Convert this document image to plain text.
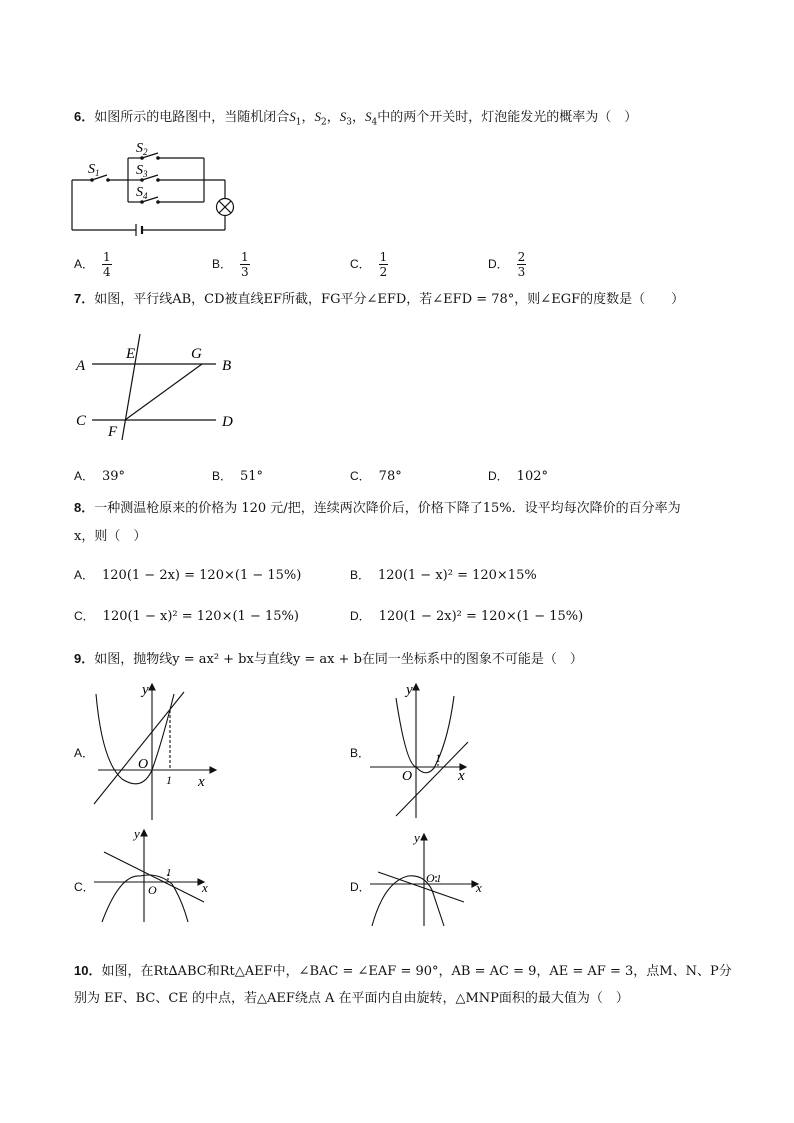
6．如图所示的电路图中，当随机闭合$S_1$，$S_2$，$S_3$，$S_4$中的两个开关时，灯泡能发光的概率为（　）
$S_1$
$S_2$
$S_3$
$S_4$
A． $\frac{1}{4}$	B． $\frac{1}{3}$	C． $\frac{1}{2}$	D． $\frac{2}{3}$
7．如图，平行线AB，CD被直线EF所截，FG平分∠EFD，若∠EFD = 78°，则∠EGF的度数是（　　）
A
E	G
B
C
F
D
A． 39°	B． 51°	C． 78°	D． 102°
8．一种测温枪原来的价格为 120 元/把，连续两次降价后，价格下降了15%．设平均每次降价的百分率为
x，则（　）
A． 120(1 − 2x) = 120×(1 − 15%)	B． 120(1 − x)² = 120×15%
C． 120(1 − x)² = 120×(1 − 15%)	D． 120(1 − 2x)² = 120×(1 − 15%)
9．如图，抛物线y = ax² + bx与直线y = ax + b在同一坐标系中的图象不可能是（　）
A．
y
x
O
1
B．
y
x
O
1
C．
y
x
O
1
D．
y
x
O 1
10．如图，在Rt∆ABC和Rt△AEF中，∠BAC = ∠EAF = 90°，AB = AC = 9，AE = AF = 3，点M、N、P分
别为 EF、BC、CE 的中点，若△AEF绕点 A 在平面内自由旋转，△MNP面积的最大值为（　）
